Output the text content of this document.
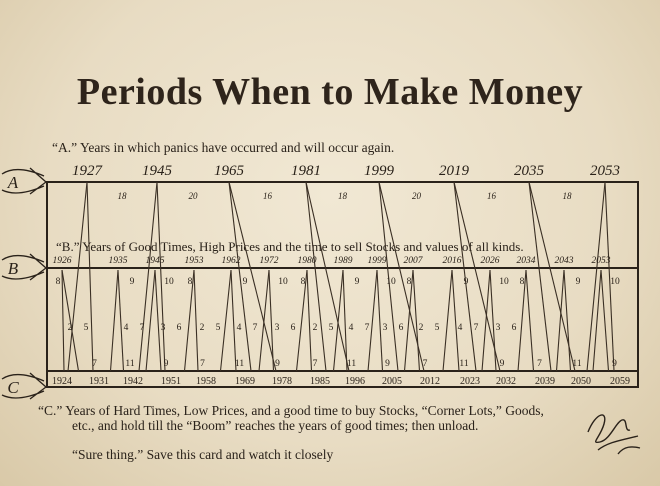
Periods When to Make Money
“A.” Years in which panics have occurred and will occur again.
“B.” Years of Good Times, High Prices and the time to sell Stocks and values of all kinds.
“C.” Years of Hard Times, Low Prices, and a good time to buy Stocks, “Corner Lots,” Goods,
etc., and hold till the “Boom” reaches the years of good times; then unload.
“Sure thing.” Save this card and watch it closely
1927	1945	1965	1981	1999	2019	2035	2053
18	20	16	18	20	16	18
1924 1931 1942 1951 1958 1969 1978 1985 1996 2005 2012 2023 2032 2039 2050 2059
1926	1935 1945 1953 1962 1972 1980 1989 1999 2007 2016 2026 2034 2043 2053
8	9	10 8	9	10 8	9	10 8	9	10 8	9	10
2 5	4 7 3 6 2 5 4 7 3 6 2 5 4 7 3 6 2 5 4 7 3 6
7	11	9	7	11	9	7	11	9	7	11	9	7	11	9
A
B
C
